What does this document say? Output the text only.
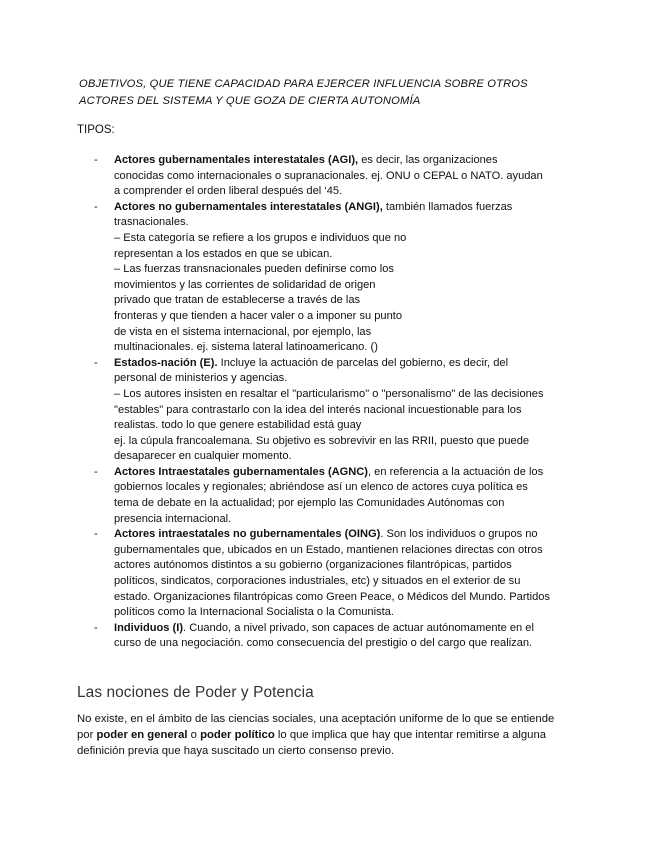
OBJETIVOS, QUE TIENE CAPACIDAD PARA EJERCER INFLUENCIA SOBRE OTROS
ACTORES DEL SISTEMA Y QUE GOZA DE CIERTA AUTONOMÍA
TIPOS:
-	Actores gubernamentales interestatales (AGI), es decir, las organizaciones
conocidas como internacionales o supranacionales. ej. ONU o CEPAL o NATO. ayudan
a comprender el orden liberal después del ‘45.
-	Actores no gubernamentales interestatales (ANGI), también llamados fuerzas
trasnacionales.
– Esta categoría se refiere a los grupos e individuos que no
representan a los estados en que se ubican.
– Las fuerzas transnacionales pueden definirse como los
movimientos y las corrientes de solidaridad de origen
privado que tratan de establecerse a través de las
fronteras y que tienden a hacer valer o a imponer su punto
de vista en el sistema internacional, por ejemplo, las
multinacionales. ej. sistema lateral latinoamericano. ()
-	Estados-nación (E). Incluye la actuación de parcelas del gobierno, es decir, del
personal de ministerios y agencias.
– Los autores insisten en resaltar el "particularismo" o "personalismo" de las decisiones
"estables" para contrastarlo con la idea del interés nacional incuestionable para los
realistas. todo lo que genere estabilidad está guay
ej. la cúpula francoalemana. Su objetivo es sobrevivir en las RRII, puesto que puede
desaparecer en cualquier momento.
-	Actores Intraestatales gubernamentales (AGNC), en referencia a la actuación de los
gobiernos locales y regionales; abriéndose así un elenco de actores cuya política es
tema de debate en la actualidad; por ejemplo las Comunidades Autónomas con
presencia internacional.
-	Actores intraestatales no gubernamentales (OING). Son los individuos o grupos no
gubernamentales que, ubicados en un Estado, mantienen relaciones directas con otros
actores autónomos distintos a su gobierno (organizaciones filantrópicas, partidos
políticos, sindicatos, corporaciones industriales, etc) y situados en el exterior de su
estado. Organizaciones filantrópicas como Green Peace, o Médicos del Mundo. Partidos
políticos como la Internacional Socialista o la Comunista.
-	Individuos (I). Cuando, a nivel privado, son capaces de actuar autónomamente en el
curso de una negociación. como consecuencia del prestigio o del cargo que realizan.
Las nociones de Poder y Potencia
No existe, en el ámbito de las ciencias sociales, una aceptación uniforme de lo que se entiende
por poder en general o poder político lo que implica que hay que intentar remitirse a alguna
definición previa que haya suscitado un cierto consenso previo.
